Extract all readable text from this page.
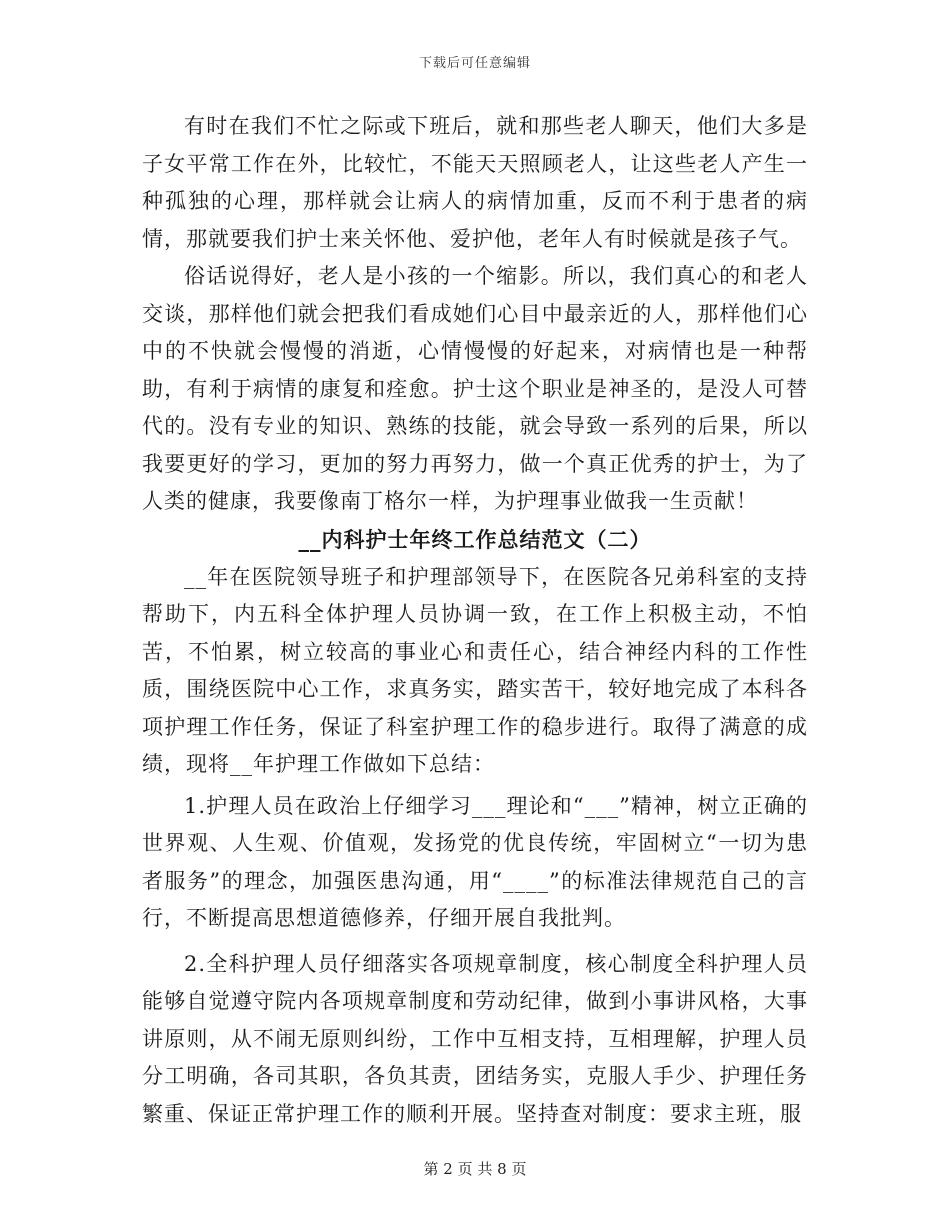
下载后可任意编辑

有时在我们不忙之际或下班后，就和那些老人聊天，他们大多是子女平常工作在外，比较忙，不能天天照顾老人，让这些老人产生一种孤独的心理，那样就会让病人的病情加重，反而不利于患者的病情，那就要我们护士来关怀他、爱护他，老年人有时候就是孩子气。

俗话说得好，老人是小孩的一个缩影。所以，我们真心的和老人交谈，那样他们就会把我们看成她们心目中最亲近的人，那样他们心中的不快就会慢慢的消逝，心情慢慢的好起来，对病情也是一种帮助，有利于病情的康复和痊愈。护士这个职业是神圣的，是没人可替代的。没有专业的知识、熟练的技能，就会导致一系列的后果，所以我要更好的学习，更加的努力再努力，做一个真正优秀的护士，为了人类的健康，我要像南丁格尔一样，为护理事业做我一生贡献！

__内科护士年终工作总结范文（二）

__年在医院领导班子和护理部领导下，在医院各兄弟科室的支持帮助下，内五科全体护理人员协调一致，在工作上积极主动，不怕苦，不怕累，树立较高的事业心和责任心，结合神经内科的工作性质，围绕医院中心工作，求真务实，踏实苦干，较好地完成了本科各项护理工作任务，保证了科室护理工作的稳步进行。取得了满意的成绩，现将__年护理工作做如下总结：

1.护理人员在政治上仔细学习___理论和“___”精神，树立正确的世界观、人生观、价值观，发扬党的优良传统，牢固树立“一切为患者服务”的理念，加强医患沟通，用“____”的标准法律规范自己的言行，不断提高思想道德修养，仔细开展自我批判。

2.全科护理人员仔细落实各项规章制度，核心制度全科护理人员能够自觉遵守院内各项规章制度和劳动纪律，做到小事讲风格，大事讲原则，从不闹无原则纠纷，工作中互相支持，互相理解，护理人员分工明确，各司其职，各负其责，团结务实，克服人手少、护理任务繁重、保证正常护理工作的顺利开展。坚持查对制度：要求主班，服

第 2 页 共 8 页
